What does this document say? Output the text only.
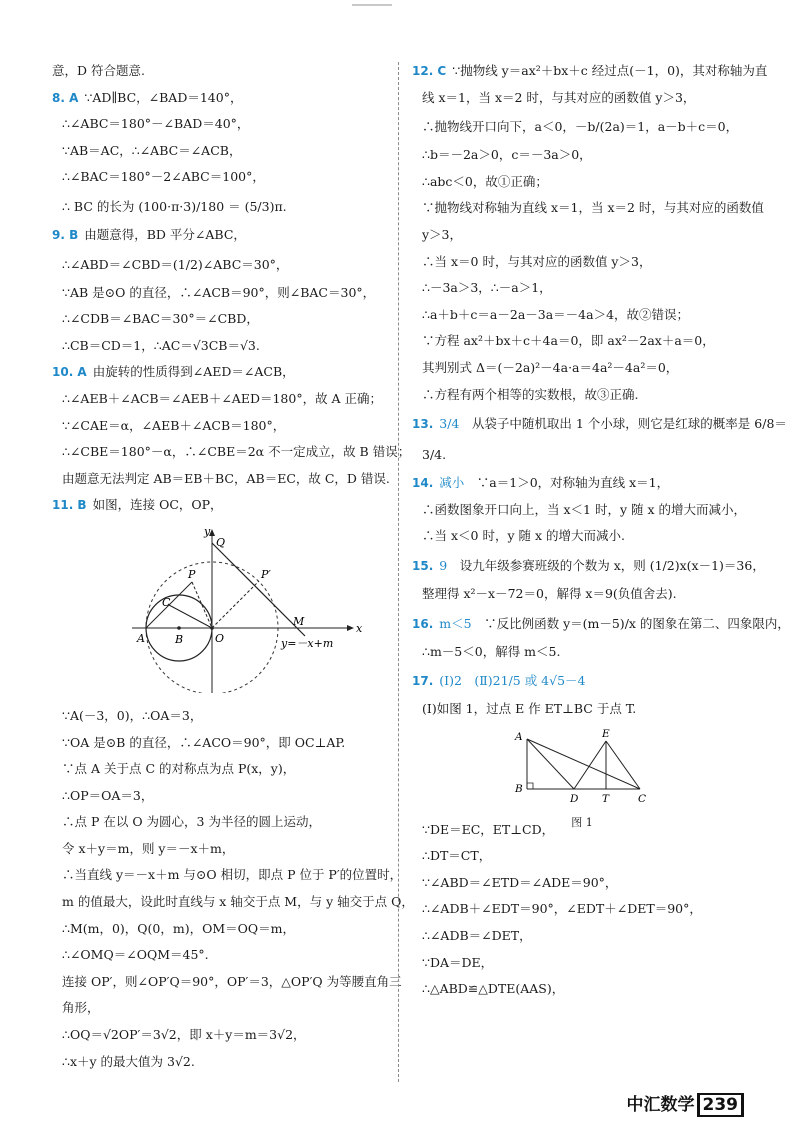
意，D 符合题意.
8. A ∵AD∥BC，∠BAD＝140°，
∴∠ABC＝180°－∠BAD＝40°，
∵AB＝AC，∴∠ABC＝∠ACB，
∴∠BAC＝180°－2∠ABC＝100°，
∴ BC 的长为 (100·π·3)/180 ＝ (5/3)π.
9. B 由题意得，BD 平分∠ABC，
∴∠ABD＝∠CBD＝(1/2)∠ABC＝30°，
∵AB 是⊙O 的直径，∴∠ACB＝90°，则∠BAC＝30°，
∴∠CDB＝∠BAC＝30°＝∠CBD，
∴CB＝CD＝1，∴AC＝√3CB＝√3.
10. A 由旋转的性质得到∠AED＝∠ACB，
∴∠AEB＋∠ACB＝∠AEB＋∠AED＝180°，故 A 正确；
∵∠CAE＝α，∠AEB＋∠ACB＝180°，
∴∠CBE＝180°－α，∴∠CBE＝2α 不一定成立，故 B 错误；
由题意无法判定 AB＝EB＋BC，AB＝EC，故 C，D 错误.
11. B 如图，连接 OC，OP，
y
Q
P	P′
C
A	B	O
M
x
y=－x+m
∵A(－3，0)，∴OA＝3，
∵OA 是⊙B 的直径，∴∠ACO＝90°，即 OC⊥AP.
∵点 A 关于点 C 的对称点为点 P(x，y)，
∴OP＝OA＝3，
∴点 P 在以 O 为圆心，3 为半径的圆上运动，
令 x＋y＝m，则 y＝－x＋m，
∴当直线 y＝－x＋m 与⊙O 相切，即点 P 位于 P′的位置时，
m 的值最大，设此时直线与 x 轴交于点 M，与 y 轴交于点 Q，
∴M(m，0)，Q(0，m)，OM＝OQ＝m，
∴∠OMQ＝∠OQM＝45°.
连接 OP′，则∠OP′Q＝90°，OP′＝3，△OP′Q 为等腰直角三
角形，
∴OQ＝√2OP′＝3√2，即 x＋y＝m＝3√2，
∴x＋y 的最大值为 3√2.
12. C ∵抛物线 y＝ax²＋bx＋c 经过点(－1，0)，其对称轴为直
线 x＝1，当 x＝2 时，与其对应的函数值 y＞3，
∴抛物线开口向下，a＜0，－b/(2a)＝1，a－b＋c＝0，
∴b＝－2a＞0，c＝－3a＞0，
∴abc＜0，故①正确；
∵抛物线对称轴为直线 x＝1，当 x＝2 时，与其对应的函数值
y＞3，
∴当 x＝0 时，与其对应的函数值 y＞3，
∴－3a＞3，∴－a＞1，
∴a＋b＋c＝a－2a－3a＝－4a＞4，故②错误；
∵方程 ax²＋bx＋c＋4a＝0，即 ax²－2ax＋a＝0，
其判别式 Δ＝(－2a)²－4a·a＝4a²－4a²＝0，
∴方程有两个相等的实数根，故③正确.
13. 3/4　 从袋子中随机取出 1 个小球，则它是红球的概率是 6/8＝
3/4.
14. 减小　 ∵a＝1＞0，对称轴为直线 x＝1，
∴函数图象开口向上，当 x＜1 时，y 随 x 的增大而减小，
∴当 x＜0 时，y 随 x 的增大而减小.
15. 9　 设九年级参赛班级的个数为 x，则 (1/2)x(x－1)＝36，
整理得 x²－x－72＝0，解得 x＝9(负值舍去).
16. m＜5　 ∵反比例函数 y＝(m－5)/x 的图象在第二、四象限内，
∴m－5＜0，解得 m＜5.
17. (Ⅰ)2　(Ⅱ)21/5 或 4√5－4
(Ⅰ)如图 1，过点 E 作 ET⊥BC 于点 T.
A	E
B
D T	C
图 1
∵DE＝EC，ET⊥CD，
∴DT＝CT，
∵∠ABD＝∠ETD＝∠ADE＝90°，
∴∠ADB＋∠EDT＝90°，∠EDT＋∠DET＝90°，
∴∠ADB＝∠DET，
∵DA＝DE，
∴△ABD≌△DTE(AAS)，
中汇数学 239
